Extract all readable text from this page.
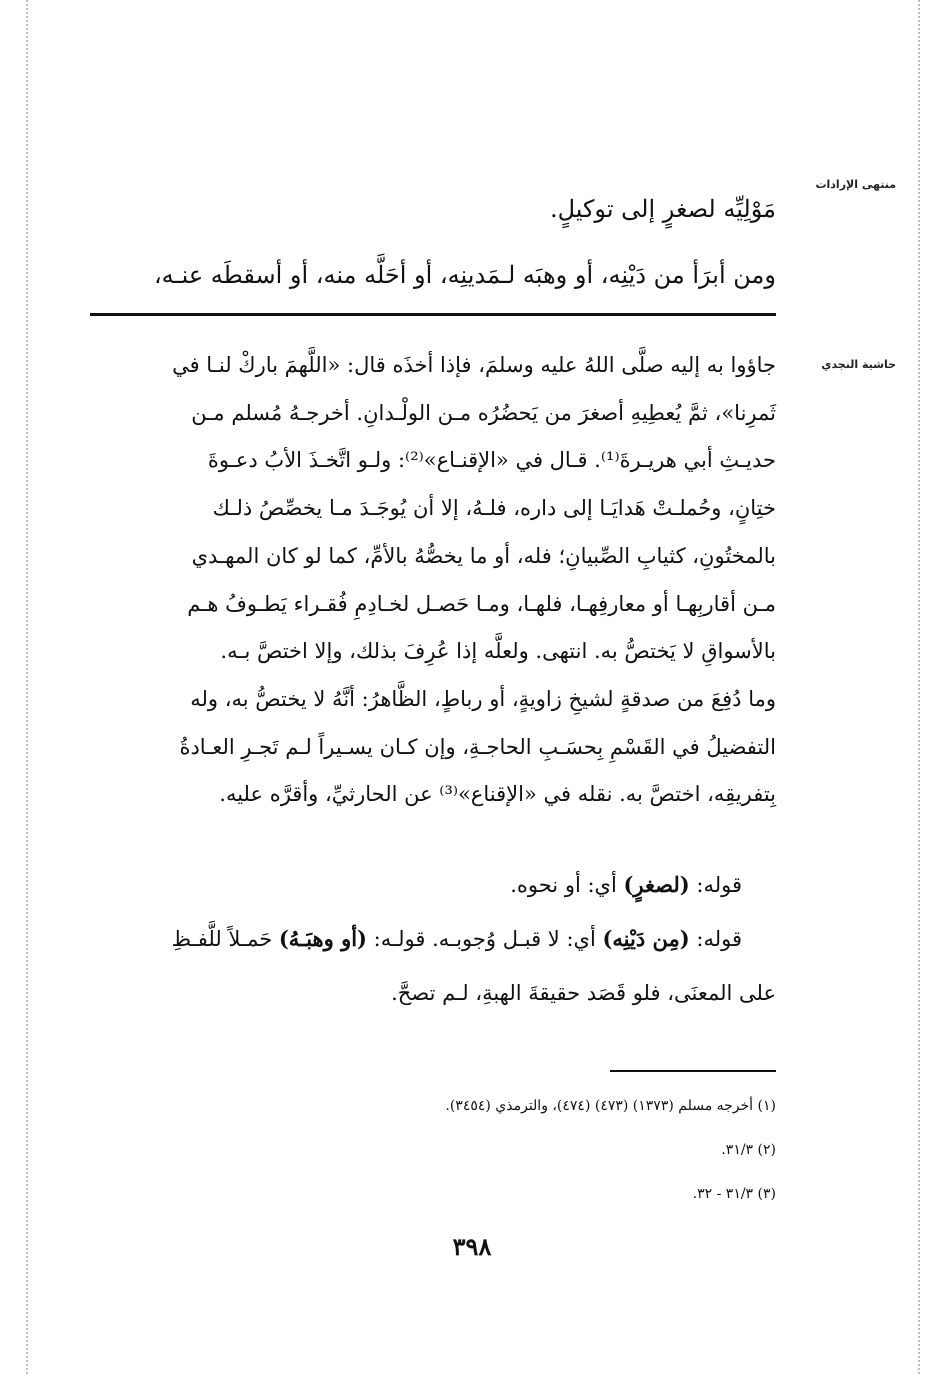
منتهى الإرادات
حاشية النجدي
مَوْلِيِّه لصغرٍ إلى توكيلٍ.
ومن أبرَأ من دَيْنِه، أو وهبَه لـمَدينِه، أو أحَلَّه منه، أو أسقطَه عنـه،
جاؤوا به إليه صلَّى اللهُ عليه وسلمَ، فإذا أخذَه قال: «اللَّهمَ باركْ لنـا في
ثَمرِنا»، ثمَّ يُعطِيهِ أصغرَ من يَحضُرُه مـن الولْـدانِ. أخرجـهُ مُسلم مـن
حديـثِ أبي هريـرةَ⁽¹⁾. قـال في «الإقنـاع»⁽²⁾: ولـو اتَّخـذَ الأبُ دعـوةَ
ختِانٍ، وحُملـتْ هَدايَـا إلى داره، فلـهُ، إلا أن يُوجَـدَ مـا يخصِّصُ ذلـك
بالمختُونِ، كثيابِ الصِّبيانِ؛ فله، أو ما يخصُّهُ بالأمِّ، كما لو كان المهـدي
مـن أقاربِهـا أو معارفِهـا، فلهـا، ومـا حَصـل لخـادِمِ فُقـراء يَطـوفُ هـم
بالأسواقِ لا يَختصُّ به. انتهى. ولعلَّه إذا عُرِفَ بذلك، وإلا اختصَّ بـه.
وما دُفِعَ من صدقةٍ لشيخِ زاويةٍ، أو رباطٍ، الظَّاهرُ: أنَّهُ لا يختصُّ به، وله
التفضيلُ في القَسْمِ بِحسَـبِ الحاجـةِ، وإن كـان يسـيراً لـم تَجـرِ العـادةُ
بِتفريقِه، اختصَّ به. نقله في «الإقناع»⁽³⁾ عن الحارثيِّ، وأقرَّه عليه.
قوله: (لصغرٍ) أي: أو نحوه.
قوله: (مِن دَيْنِه) أي: لا قبـل وُجوبـه. قولـه: (أو وهبَـهُ) حَمـلاً للَّفـظِ
على المعنَى، فلو قَصَد حقيقةَ الهبةِ، لـم تصحَّ.
(١) أخرجه مسلم (١٣٧٣) (٤٧٣) (٤٧٤)، والترمذي (٣٤٥٤).
(٢) ٣١/٣.
(٣) ٣١/٣ - ٣٢.
٣٩٨
